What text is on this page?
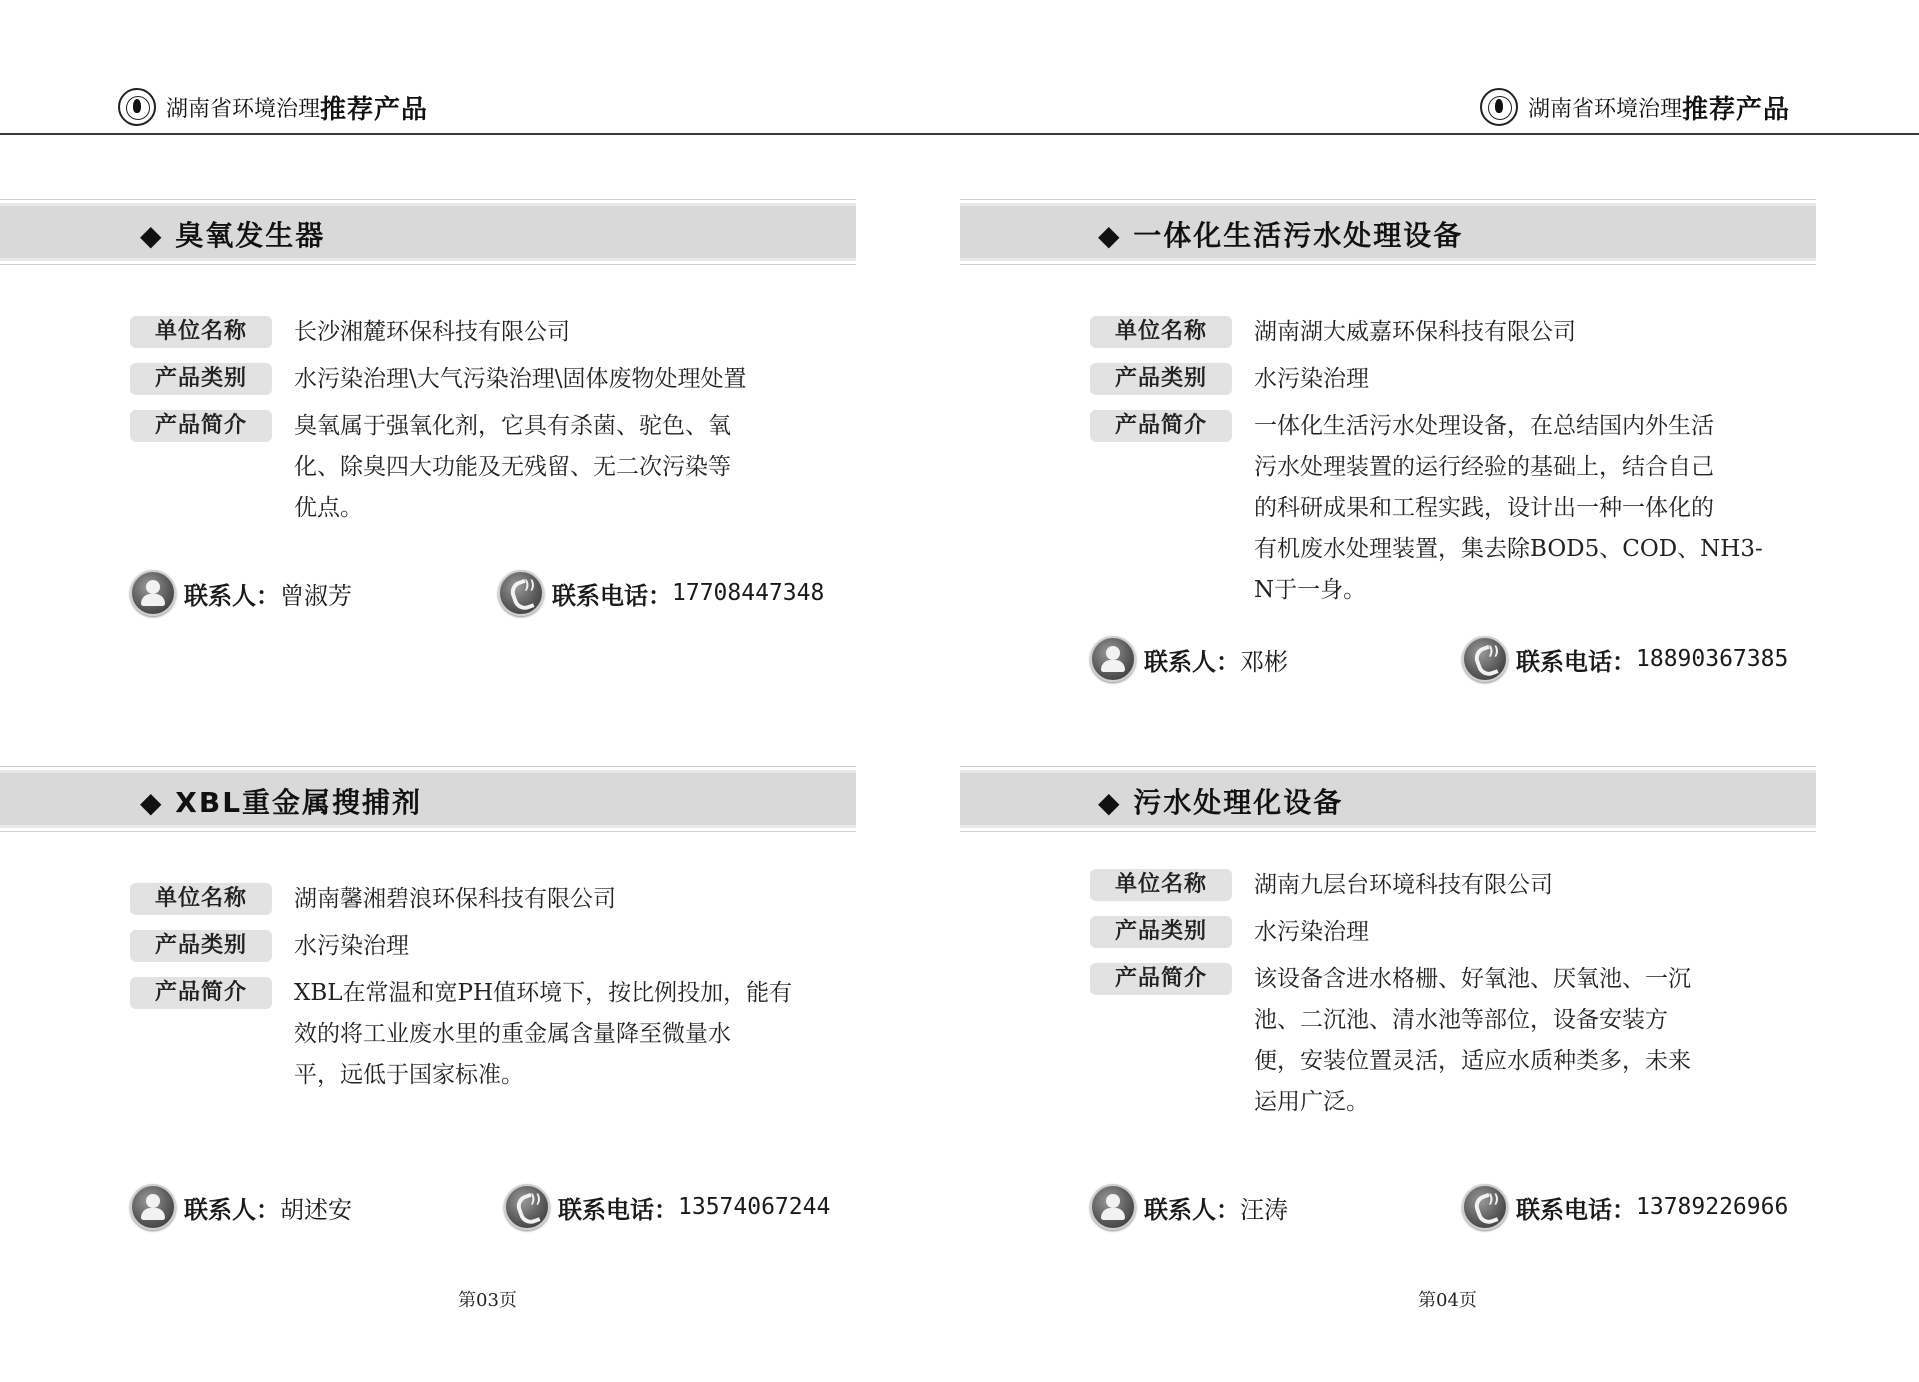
湖南省环境治理 推荐产品	湖南省环境治理 推荐产品
◆ 臭氧发生器
单位名称	长沙湘麓环保科技有限公司
产品类别	水污染治理\大气污染治理\固体废物处理处置
产品简介	臭氧属于强氧化剂，它具有杀菌、驼色、氧
化、除臭四大功能及无残留、无二次污染等
优点。
联系人： 曾淑芳 ))	联系电话： 17708447348
◆ 一体化生活污水处理设备
单位名称	湖南湖大威嘉环保科技有限公司
产品类别	水污染治理
产品简介	一体化生活污水处理设备，在总结国内外生活
污水处理装置的运行经验的基础上，结合自己
的科研成果和工程实践，设计出一种一体化的
有机废水处理装置，集去除BOD5、COD、NH3-
N于一身。
联系人： 邓彬 ))	联系电话： 18890367385
◆ XBL重金属搜捕剂
单位名称	湖南馨湘碧浪环保科技有限公司
产品类别	水污染治理
产品简介	XBL在常温和宽PH值环境下，按比例投加，能有
效的将工业废水里的重金属含量降至微量水
平，远低于国家标准。
联系人： 胡述安 ))	联系电话： 13574067244
◆ 污水处理化设备
单位名称	湖南九层台环境科技有限公司
产品类别	水污染治理
产品简介	该设备含进水格栅、好氧池、厌氧池、一沉
池、二沉池、清水池等部位，设备安装方
便，安装位置灵活，适应水质种类多，未来
运用广泛。
联系人： 汪涛 ))	联系电话： 13789226966
第03页	第04页
